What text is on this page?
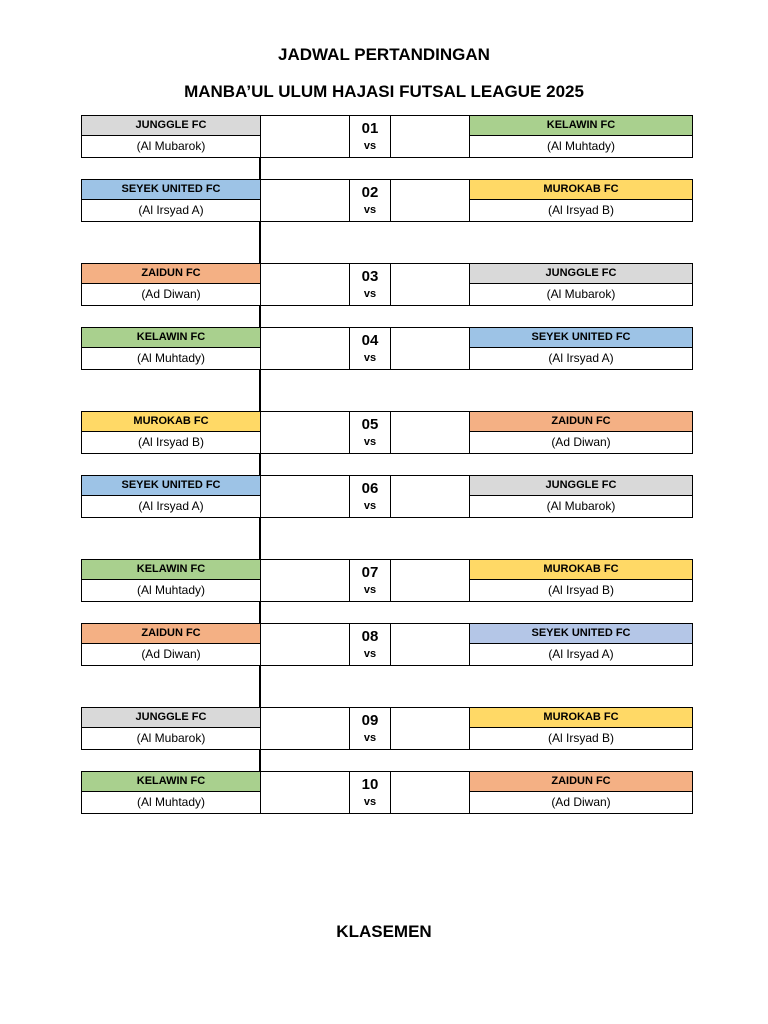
JADWAL PERTANDINGAN
MANBA’UL ULUM HAJASI FUTSAL LEAGUE 2025
JUNGGLE FC
(Al Mubarok)
01
vs
KELAWIN FC
(Al Muhtady)
SEYEK UNITED FC
(Al Irsyad A)
02
vs
MUROKAB FC
(Al Irsyad B)
ZAIDUN FC
(Ad Diwan)
03
vs
JUNGGLE FC
(Al Mubarok)
KELAWIN FC
(Al Muhtady)
04
vs
SEYEK UNITED FC
(Al Irsyad A)
MUROKAB FC
(Al Irsyad B)
05
vs
ZAIDUN FC
(Ad Diwan)
SEYEK UNITED FC
(Al Irsyad A)
06
vs
JUNGGLE FC
(Al Mubarok)
KELAWIN FC
(Al Muhtady)
07
vs
MUROKAB FC
(Al Irsyad B)
ZAIDUN FC
(Ad Diwan)
08
vs
SEYEK UNITED FC
(Al Irsyad A)
JUNGGLE FC
(Al Mubarok)
09
vs
MUROKAB FC
(Al Irsyad B)
KELAWIN FC
(Al Muhtady)
10
vs
ZAIDUN FC
(Ad Diwan)
KLASEMEN
